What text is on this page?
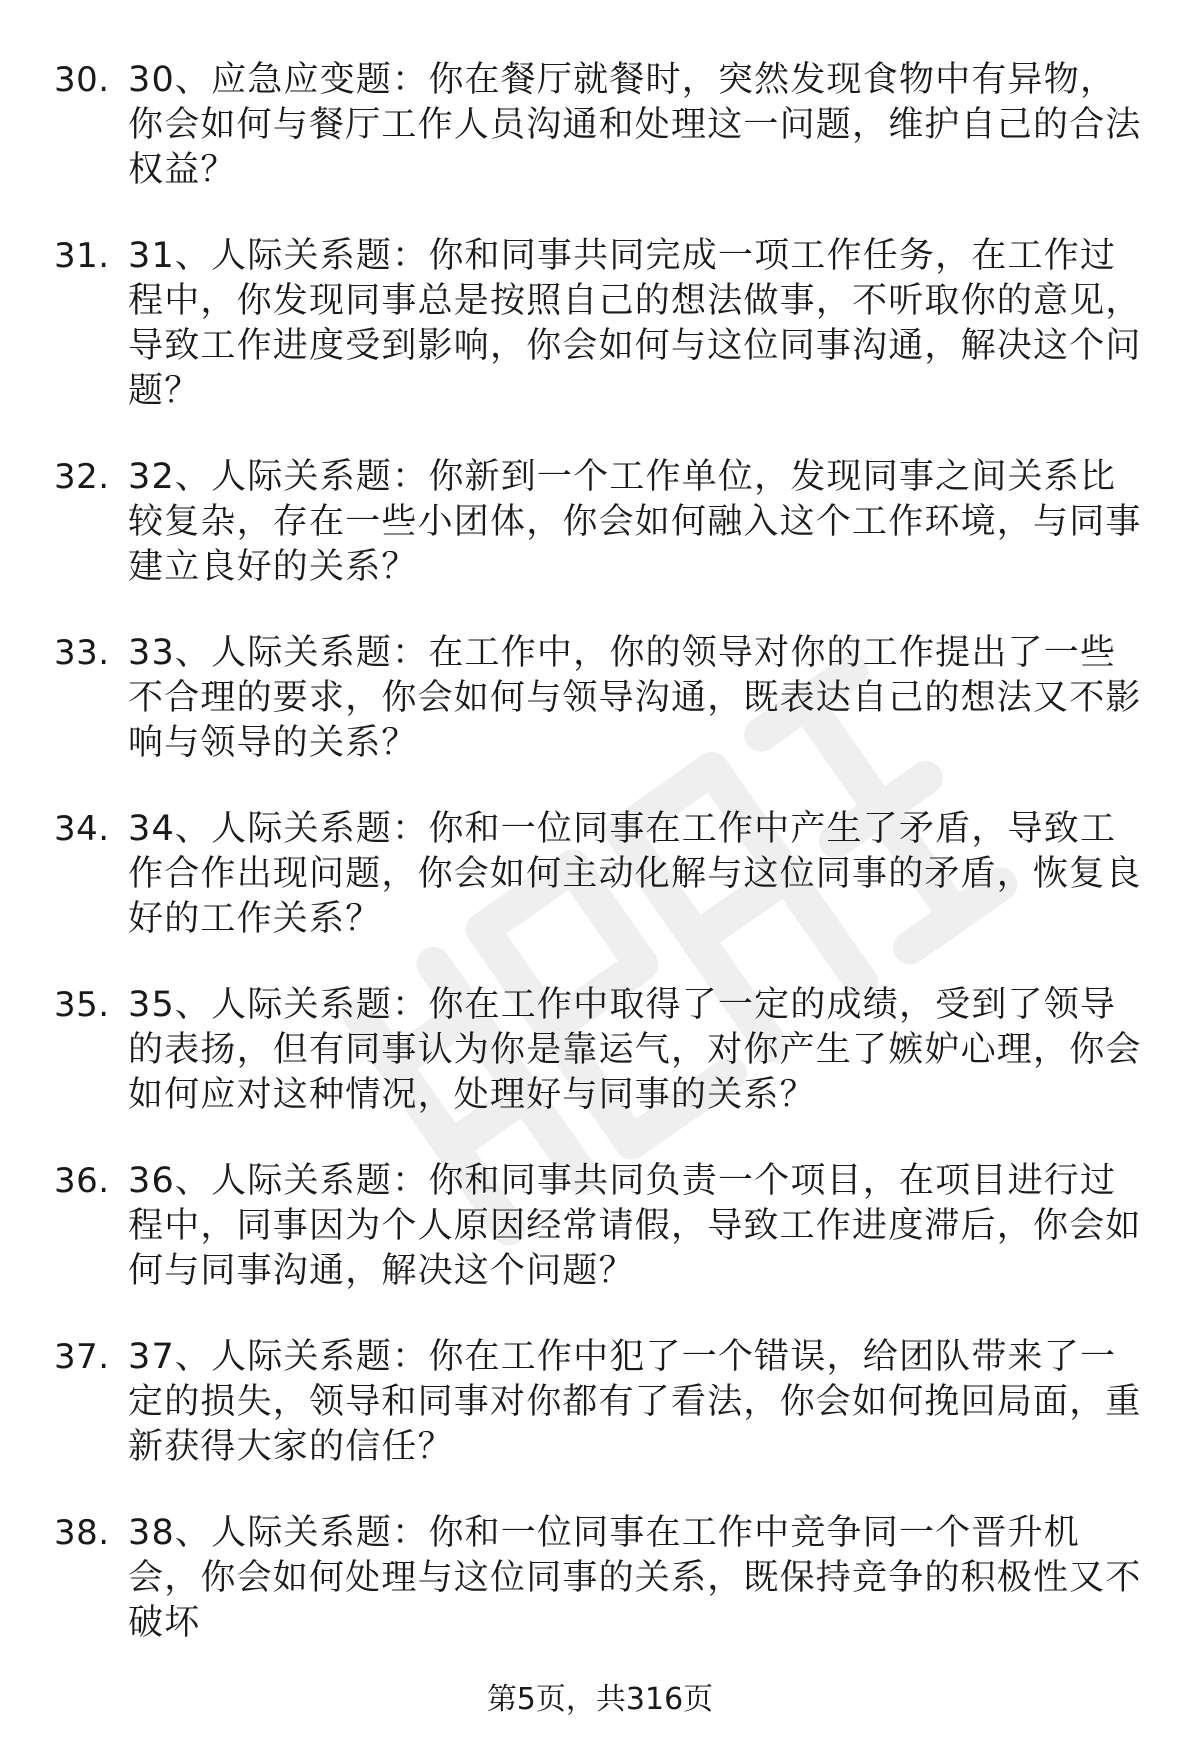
30. 30、应急应变题：你在餐厅就餐时，突然发现食物中有异物，你会如何与餐厅工作人员沟通和处理这一问题，维护自己的合法权益？
31. 31、人际关系题：你和同事共同完成一项工作任务，在工作过程中，你发现同事总是按照自己的想法做事，不听取你的意见，导致工作进度受到影响，你会如何与这位同事沟通，解决这个问题？
32. 32、人际关系题：你新到一个工作单位，发现同事之间关系比较复杂，存在一些小团体，你会如何融入这个工作环境，与同事建立良好的关系？
33. 33、人际关系题：在工作中，你的领导对你的工作提出了一些不合理的要求，你会如何与领导沟通，既表达自己的想法又不影响与领导的关系？
34. 34、人际关系题：你和一位同事在工作中产生了矛盾，导致工作合作出现问题，你会如何主动化解与这位同事的矛盾，恢复良好的工作关系？
35. 35、人际关系题：你在工作中取得了一定的成绩，受到了领导的表扬，但有同事认为你是靠运气，对你产生了嫉妒心理，你会如何应对这种情况，处理好与同事的关系？
36. 36、人际关系题：你和同事共同负责一个项目，在项目进行过程中，同事因为个人原因经常请假，导致工作进度滞后，你会如何与同事沟通，解决这个问题？
37. 37、人际关系题：你在工作中犯了一个错误，给团队带来了一定的损失，领导和同事对你都有了看法，你会如何挽回局面，重新获得大家的信任？
38. 38、人际关系题：你和一位同事在工作中竞争同一个晋升机会，你会如何处理与这位同事的关系，既保持竞争的积极性又不破坏
第5页，共316页
